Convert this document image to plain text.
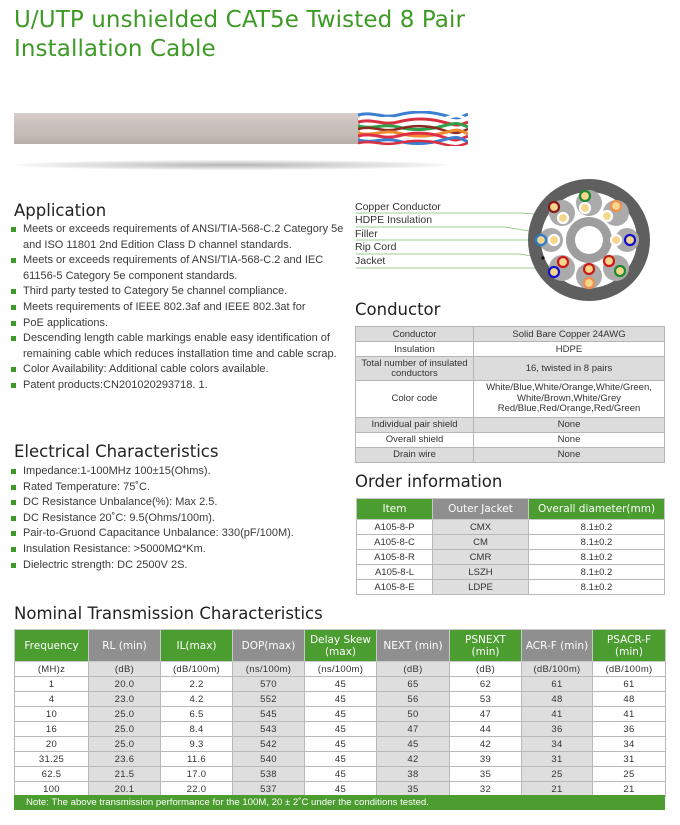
U/UTP unshielded CAT5e Twisted 8 Pair
Installation Cable
Application
Meets or exceeds requirements of ANSI/TIA-568-C.2 Category 5e and ISO 11801 2nd Edition Class D channel standards.
Meets or exceeds requirements of ANSI/TIA-568-C.2 and IEC 61156-5 Category 5e component standards.
Third party tested to Category 5e channel compliance.
Meets requirements of IEEE 802.3af and IEEE 802.3at for
PoE applications.
Descending length cable markings enable easy identification of remaining cable which reduces installation time and cable scrap.
Color Availability: Additional cable colors available.
Patent products:CN201020293718. 1.
Electrical Characteristics
Impedance:1-100MHz 100±15(Ohms).
Rated Temperature: 75˚C.
DC Resistance Unbalance(%): Max 2.5.
DC Resistance 20˚C: 9.5(Ohms/100m).
Pair-to-Gruond Capacitance Unbalance: 330(pF/100M).
Insulation Resistance: >5000MΩ*Km.
Dielectric strength: DC 2500V 2S.
Copper Conductor
HDPE Insulation
Filler
Rip Cord
Jacket
Conductor
Conductor	Solid Bare Copper 24AWG
Insulation	HDPE
Total number of insulated conductors	16, twisted in 8 pairs
Color code	White/Blue,White/Orange,White/Green, White/Brown,White/Grey Red/Blue,Red/Orange,Red/Green
Individual pair shield	None
Overall shield	None
Drain wire	None
Order information
Item	Outer Jacket	Overall diameter(mm)
A105-8-P	CMX	8.1±0.2
A105-8-C	CM	8.1±0.2
A105-8-R	CMR	8.1±0.2
A105-8-L	LSZH	8.1±0.2
A105-8-E	LDPE	8.1±0.2
Nominal Transmission Characteristics
Frequency	RL (min)	IL(max)	DOP(max)	Delay Skew (max)	NEXT (min)	PSNEXT (min)	ACR-F (min)	PSACR-F (min)
(MH)z	(dB)	(dB/100m)	(ns/100m)	(ns/100m)	(dB)	(dB)	(dB/100m)	(dB/100m)
1	20.0	2.2	570	45	65	62	61	61
4	23.0	4.2	552	45	56	53	48	48
10	25.0	6.5	545	45	50	47	41	41
16	25.0	8.4	543	45	47	44	36	36
20	25.0	9.3	542	45	45	42	34	34
31.25	23.6	11.6	540	45	42	39	31	31
62.5	21.5	17.0	538	45	38	35	25	25
100	20.1	22.0	537	45	35	32	21	21
Note: The above transmission performance for the 100M, 20 ± 2˚C under the conditions tested.
